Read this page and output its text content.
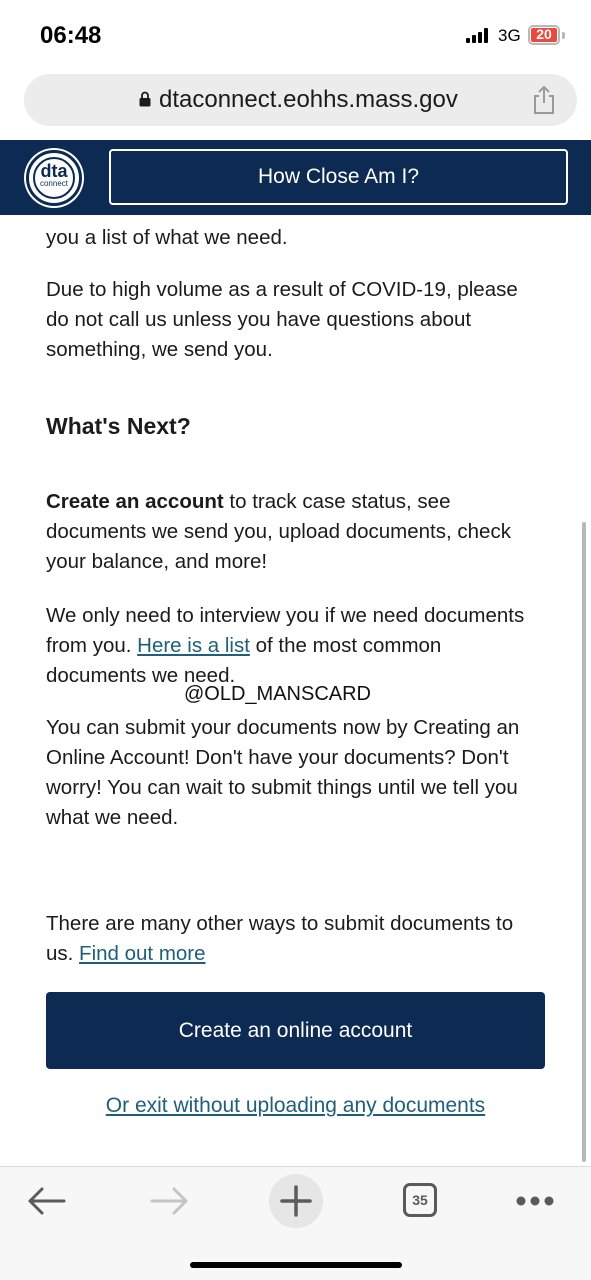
06:48	3G	20
dtaconnect.eohhs.mass.gov
dta
connect	How Close Am I?
you a list of what we need.
Due to high volume as a result of COVID-19, please do not call us unless you have questions about something, we send you.
What's Next?
Create an account to track case status, see documents we send you, upload documents, check your balance, and more!
We only need to interview you if we need documents from you. Here is a list of the most common documents we need.
You can submit your documents now by Creating an Online Account! Don't have your documents? Don't worry! You can wait to submit things until we tell you what we need.
There are many other ways to submit documents to us. Find out more
@OLD_MANSCARD
Create an online account
Or exit without uploading any documents
35
